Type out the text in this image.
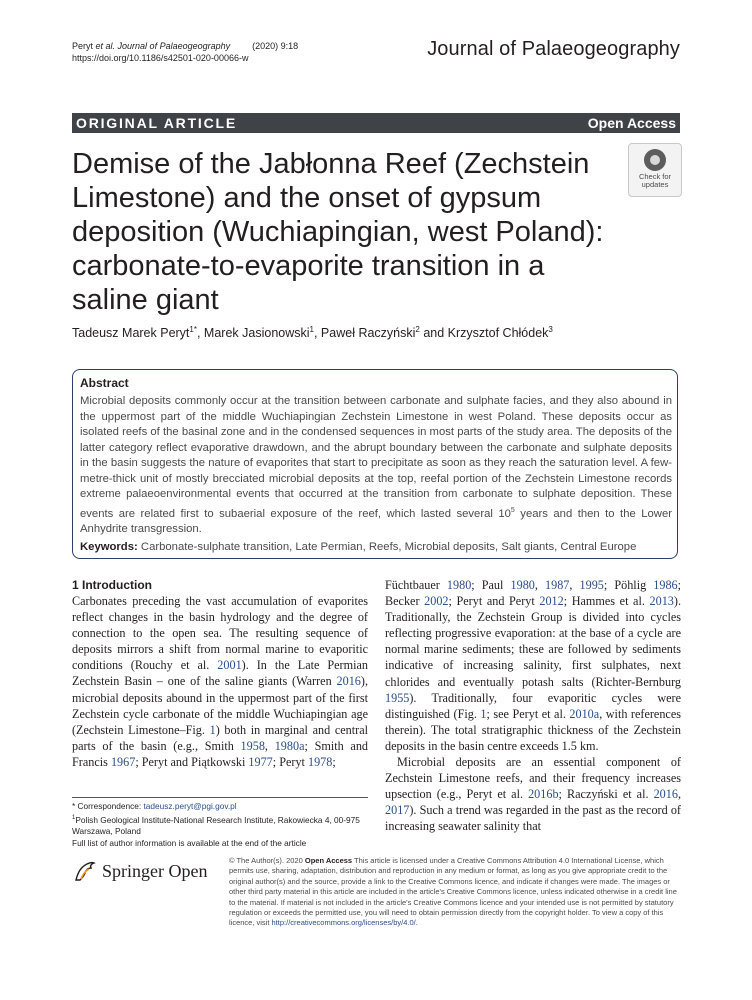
Peryt et al. Journal of Palaeogeography (2020) 9:18
https://doi.org/10.1186/s42501-020-00066-w	Journal of Palaeogeography
ORIGINAL ARTICLE	Open Access
Demise of the Jabłonna Reef (Zechstein Limestone) and the onset of gypsum deposition (Wuchiapingian, west Poland): carbonate-to-evaporite transition in a saline giant
Check for
updates
Tadeusz Marek Peryt$^{1*}$, Marek Jasionowski$^1$, Paweł Raczyński$^2$ and Krzysztof Chłódek$^3$
Abstract
Microbial deposits commonly occur at the transition between carbonate and sulphate facies, and they also abound in the uppermost part of the middle Wuchiapingian Zechstein Limestone in west Poland. These deposits occur as isolated reefs of the basinal zone and in the condensed sequences in most parts of the study area. The deposits of the latter category reflect evaporative drawdown, and the abrupt boundary between the carbonate and sulphate deposits in the basin suggests the nature of evaporites that start to precipitate as soon as they reach the saturation level. A few-metre-thick unit of mostly brecciated microbial deposits at the top, reefal portion of the Zechstein Limestone records extreme palaeoenvironmental events that occurred at the transition from carbonate to sulphate deposition. These events are related first to subaerial exposure of the reef, which lasted several $10^5$ years and then to the Lower Anhydrite transgression.
Keywords: Carbonate-sulphate transition, Late Permian, Reefs, Microbial deposits, Salt giants, Central Europe
1 Introduction

Carbonates preceding the vast accumulation of evaporites reflect changes in the basin hydrology and the degree of connection to the open sea. The resulting sequence of deposits mirrors a shift from normal marine to evaporitic conditions (Rouchy et al. 2001). In the Late Permian Zechstein Basin – one of the saline giants (Warren 2016), microbial deposits abound in the uppermost part of the first Zechstein cycle carbonate of the middle Wuchiapingian age (Zechstein Limestone–Fig. 1) both in marginal and central parts of the basin (e.g., Smith 1958, 1980a; Smith and Francis 1967; Peryt and Piątkowski 1977; Peryt 1978;

Füchtbauer 1980; Paul 1980, 1987, 1995; Pöhlig 1986; Becker 2002; Peryt and Peryt 2012; Hammes et al. 2013). Traditionally, the Zechstein Group is divided into cycles reflecting progressive evaporation: at the base of a cycle are normal marine sediments; these are followed by sediments indicative of increasing salinity, first sulphates, next chlorides and eventually potash salts (Richter-Bernburg 1955). Traditionally, four evaporitic cycles were distinguished (Fig. 1; see Peryt et al. 2010a, with references therein). The total stratigraphic thickness of the Zechstein deposits in the basin centre exceeds 1.5 km.

Microbial deposits are an essential component of Zechstein Limestone reefs, and their frequency increases upsection (e.g., Peryt et al. 2016b; Raczyński et al. 2016, 2017). Such a trend was regarded in the past as the record of increasing seawater salinity that

* Correspondence: tadeusz.peryt@pgi.gov.pl
$^1$Polish Geological Institute-National Research Institute, Rakowiecka 4, 00-975 Warszawa, Poland
Full list of author information is available at the end of the article
Springer Open
© The Author(s). 2020 Open Access This article is licensed under a Creative Commons Attribution 4.0 International License, which permits use, sharing, adaptation, distribution and reproduction in any medium or format, as long as you give appropriate credit to the original author(s) and the source, provide a link to the Creative Commons licence, and indicate if changes were made. The images or other third party material in this article are included in the article's Creative Commons licence, unless indicated otherwise in a credit line to the material. If material is not included in the article's Creative Commons licence and your intended use is not permitted by statutory regulation or exceeds the permitted use, you will need to obtain permission directly from the copyright holder. To view a copy of this licence, visit http://creativecommons.org/licenses/by/4.0/.
